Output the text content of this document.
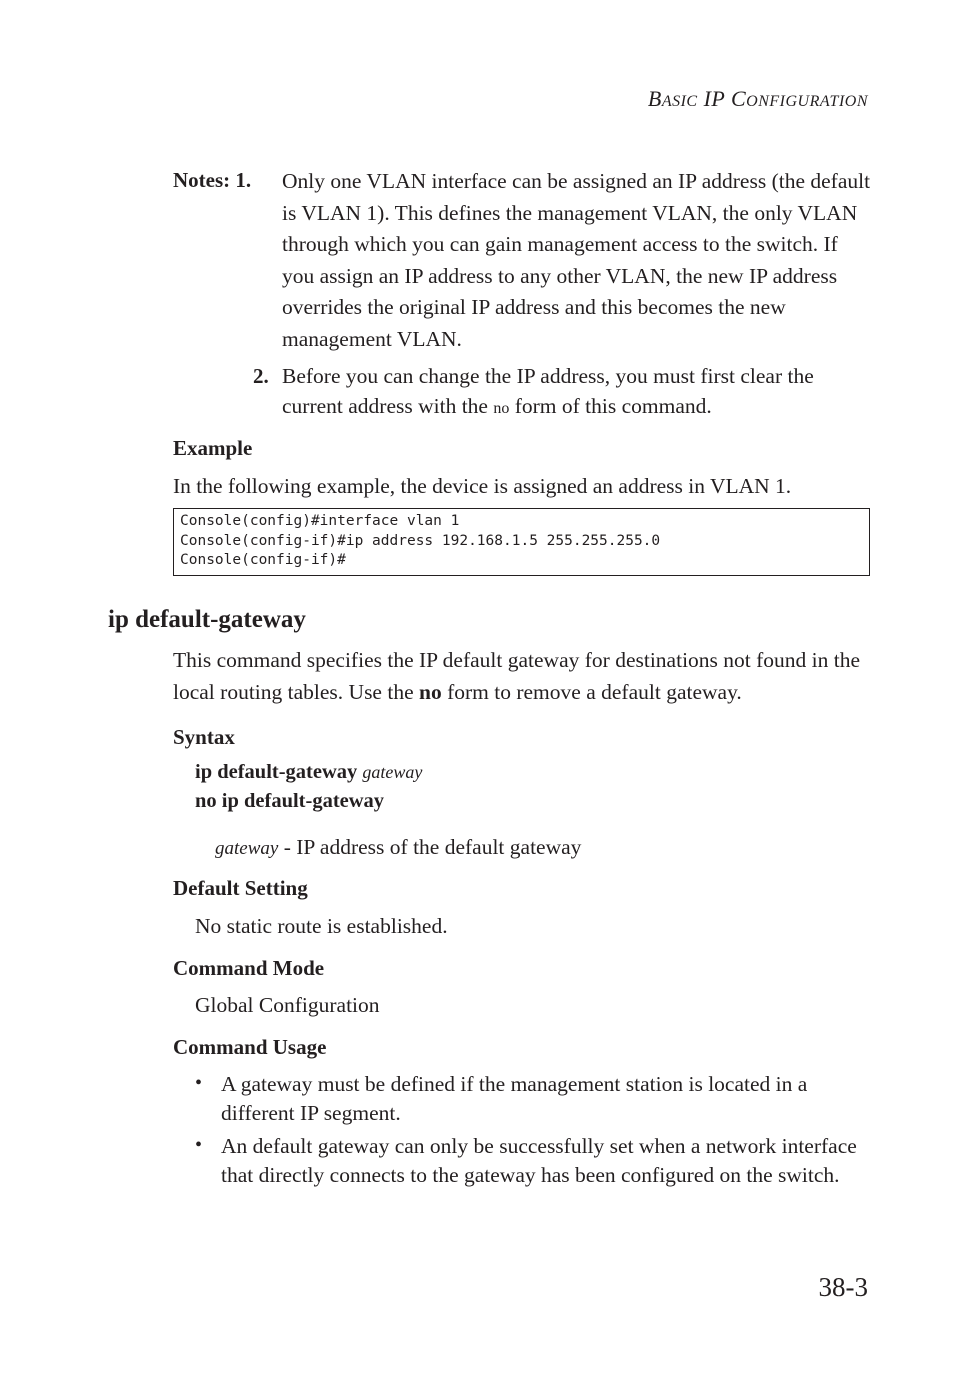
BASIC IP CONFIGURATION
Notes: 1. Only one VLAN interface can be assigned an IP address (the default is VLAN 1). This defines the management VLAN, the only VLAN through which you can gain management access to the switch. If you assign an IP address to any other VLAN, the new IP address overrides the original IP address and this becomes the new management VLAN.
2. Before you can change the IP address, you must first clear the current address with the no form of this command.
Example
In the following example, the device is assigned an address in VLAN 1.
Console(config)#interface vlan 1
Console(config-if)#ip address 192.168.1.5 255.255.255.0
Console(config-if)#
ip default-gateway
This command specifies the IP default gateway for destinations not found in the local routing tables. Use the no form to remove a default gateway.
Syntax
ip default-gateway gateway
no ip default-gateway
gateway - IP address of the default gateway
Default Setting
No static route is established.
Command Mode
Global Configuration
Command Usage
• A gateway must be defined if the management station is located in a different IP segment.
• An default gateway can only be successfully set when a network interface that directly connects to the gateway has been configured on the switch.
38-3
